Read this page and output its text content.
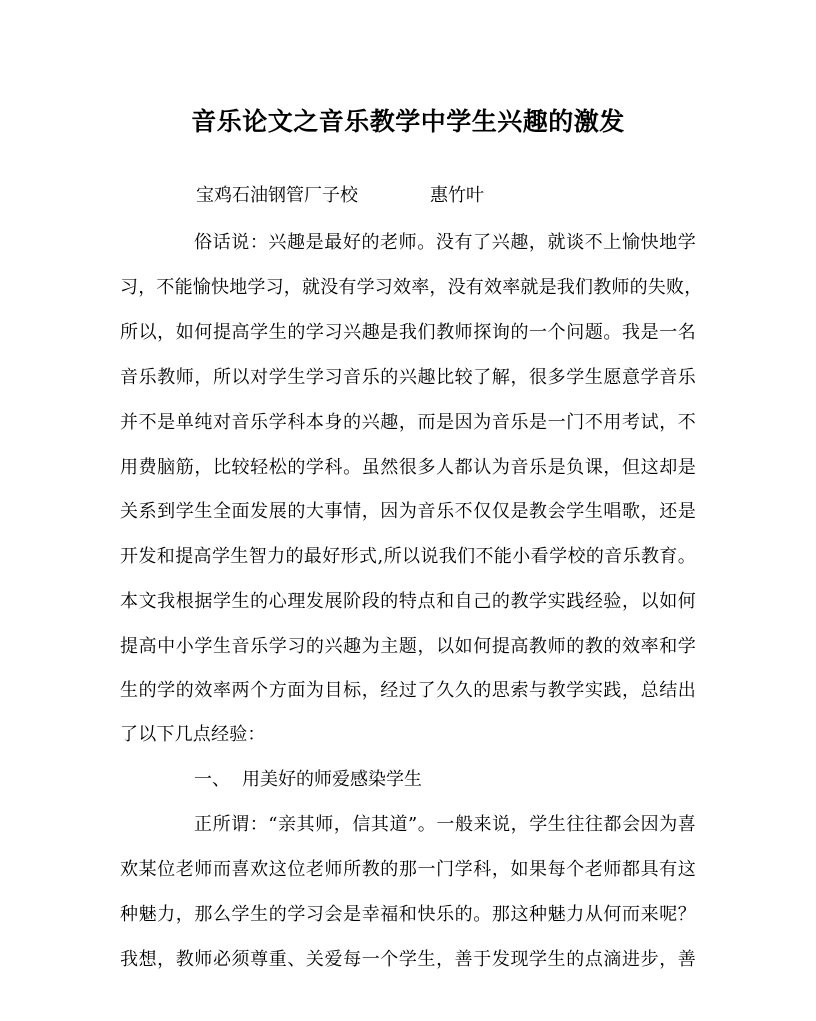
音乐论文之音乐教学中学生兴趣的激发
宝鸡石油钢管厂子校	惠竹叶
俗话说：兴趣是最好的老师。没有了兴趣，就谈不上愉快地学
习，不能愉快地学习，就没有学习效率，没有效率就是我们教师的失败，
所以，如何提高学生的学习兴趣是我们教师探询的一个问题。我是一名
音乐教师，所以对学生学习音乐的兴趣比较了解，很多学生愿意学音乐
并不是单纯对音乐学科本身的兴趣，而是因为音乐是一门不用考试，不
用费脑筋，比较轻松的学科。虽然很多人都认为音乐是负课，但这却是
关系到学生全面发展的大事情，因为音乐不仅仅是教会学生唱歌，还是
开发和提高学生智力的最好形式,所以说我们不能小看学校的音乐教育。
本文我根据学生的心理发展阶段的特点和自己的教学实践经验，以如何
提高中小学生音乐学习的兴趣为主题，以如何提高教师的教的效率和学
生的学的效率两个方面为目标，经过了久久的思索与教学实践，总结出
了以下几点经验：
一、 用美好的师爱感染学生
正所谓：“亲其师，信其道”。一般来说，学生往往都会因为喜
欢某位老师而喜欢这位老师所教的那一门学科，如果每个老师都具有这
种魅力，那么学生的学习会是幸福和快乐的。那这种魅力从何而来呢？
我想，教师必须尊重、关爱每一个学生，善于发现学生的点滴进步，善
